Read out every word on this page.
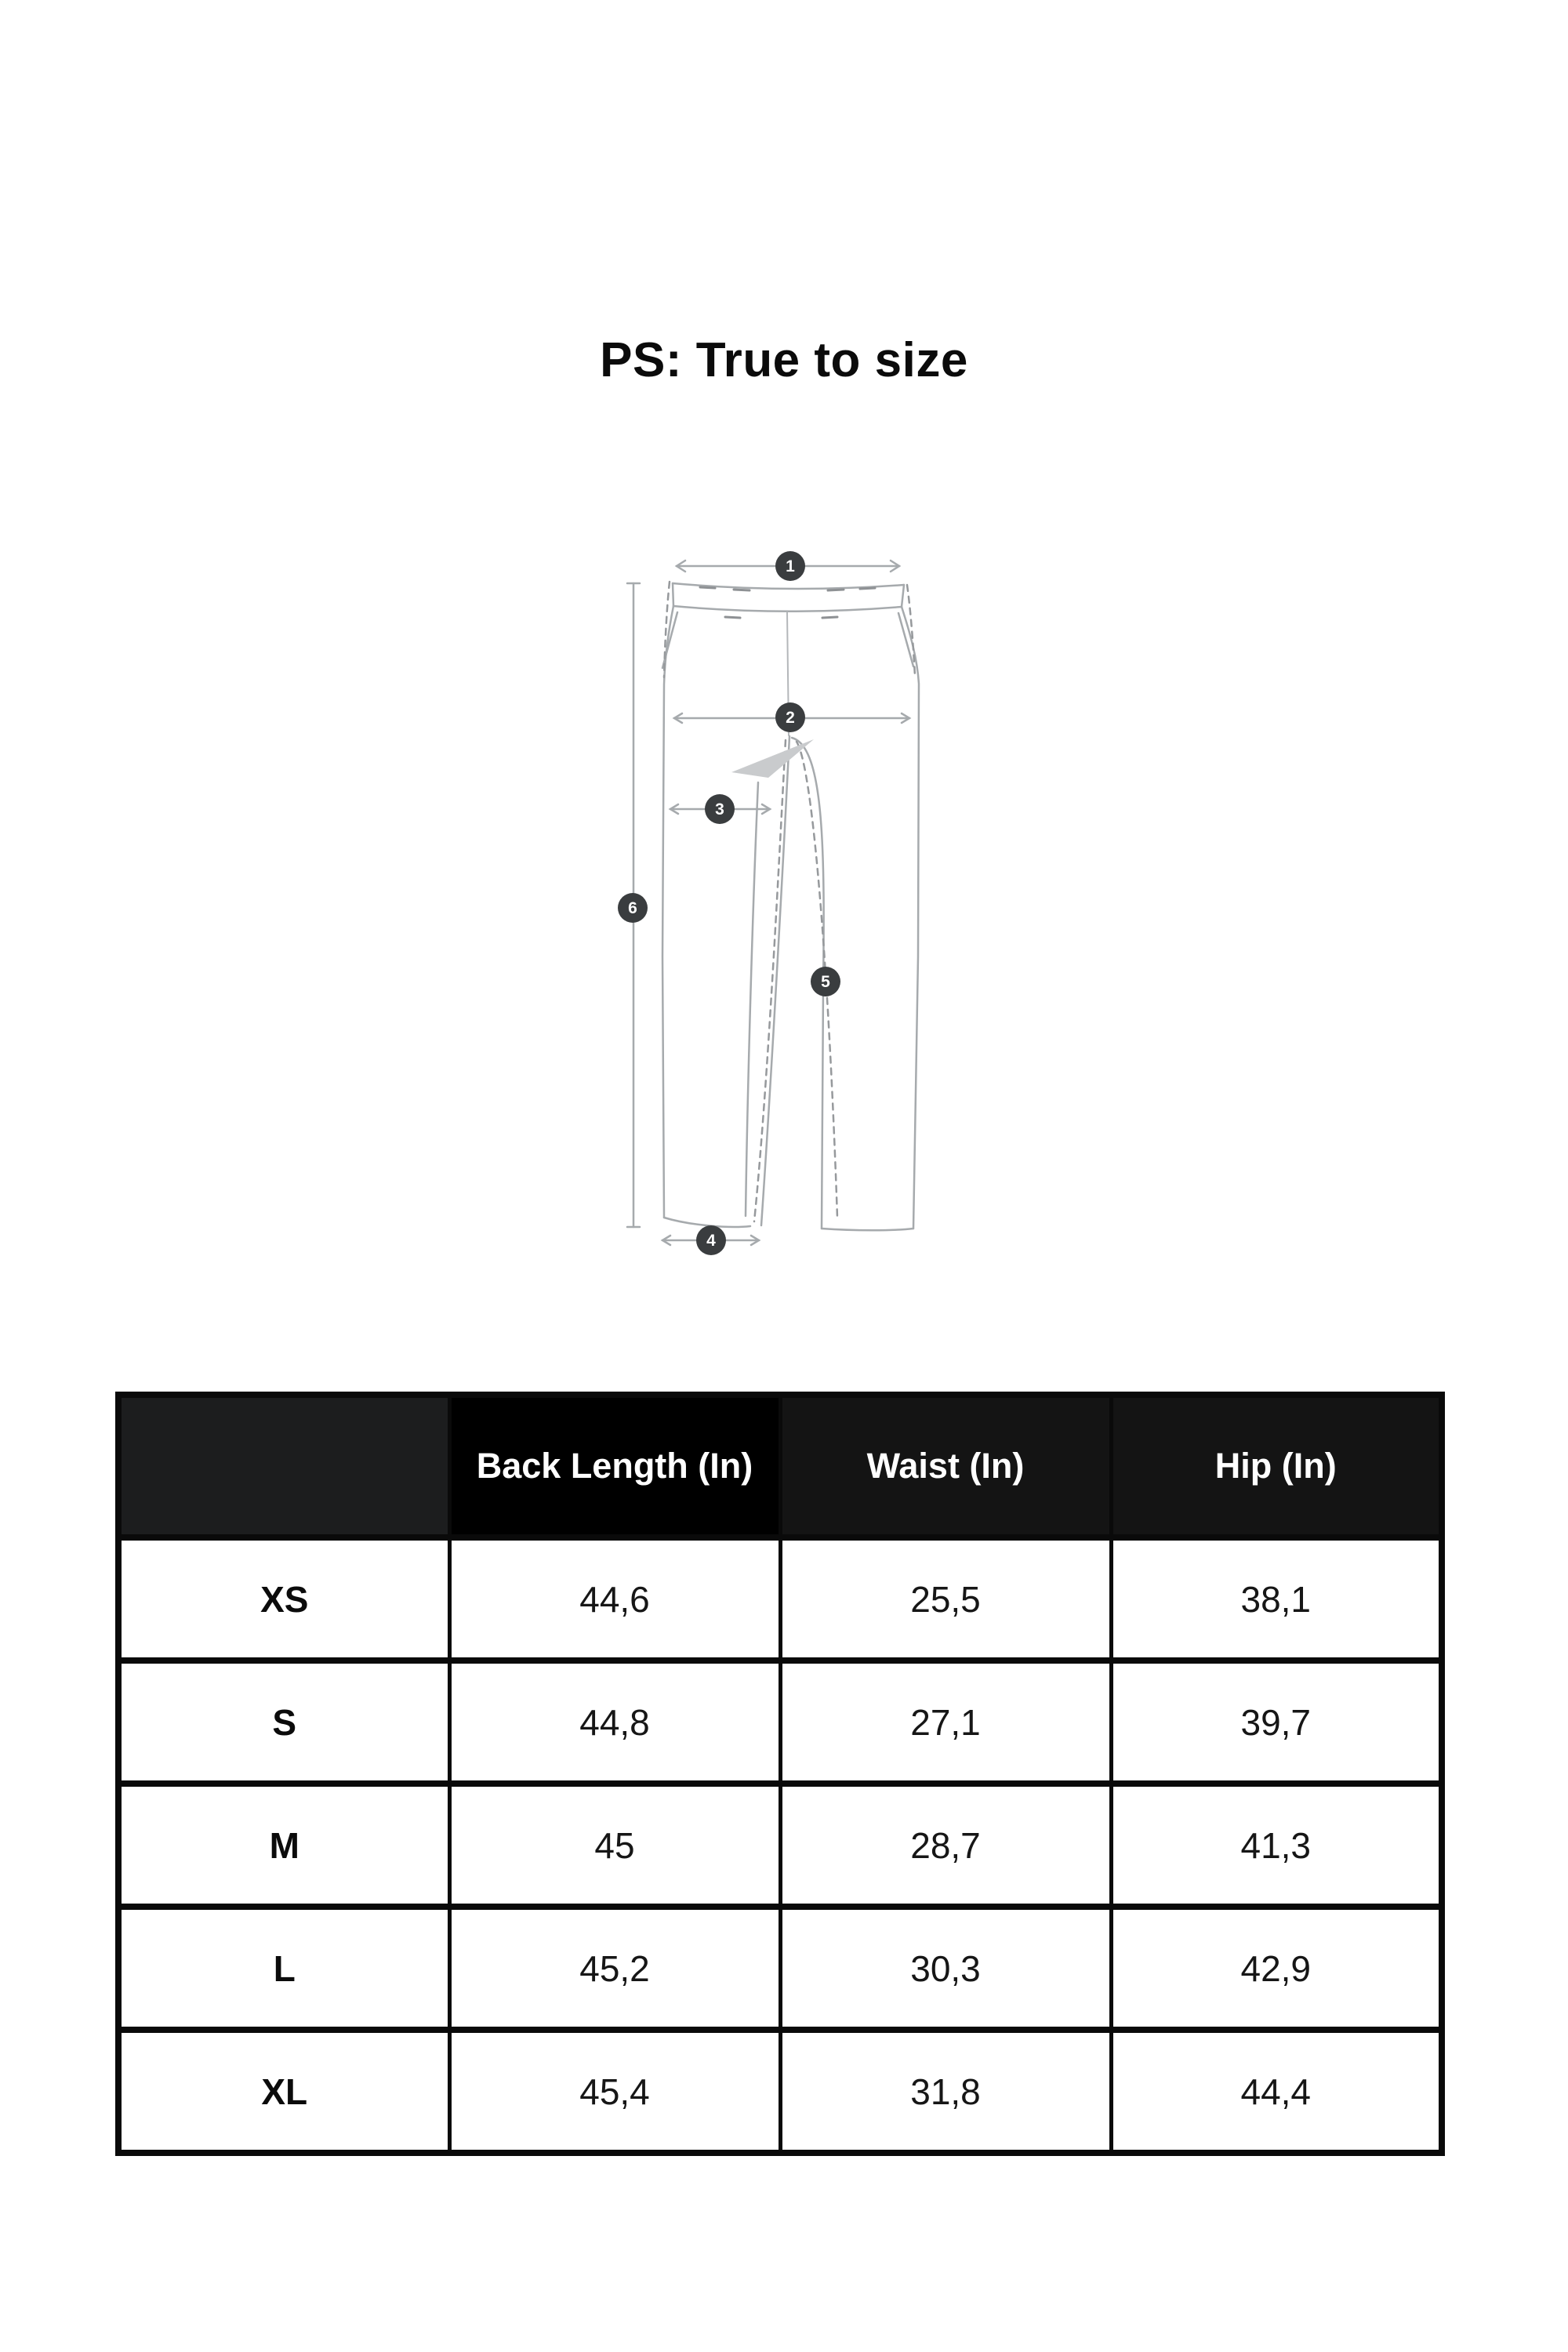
PS: True to size
1
2
3
4
5
6
	Back Length (In)	Waist (In)	Hip (In)
XS	44,6	25,5	38,1
S	44,8	27,1	39,7
M	45	28,7	41,3
L	45,2	30,3	42,9
XL	45,4	31,8	44,4
